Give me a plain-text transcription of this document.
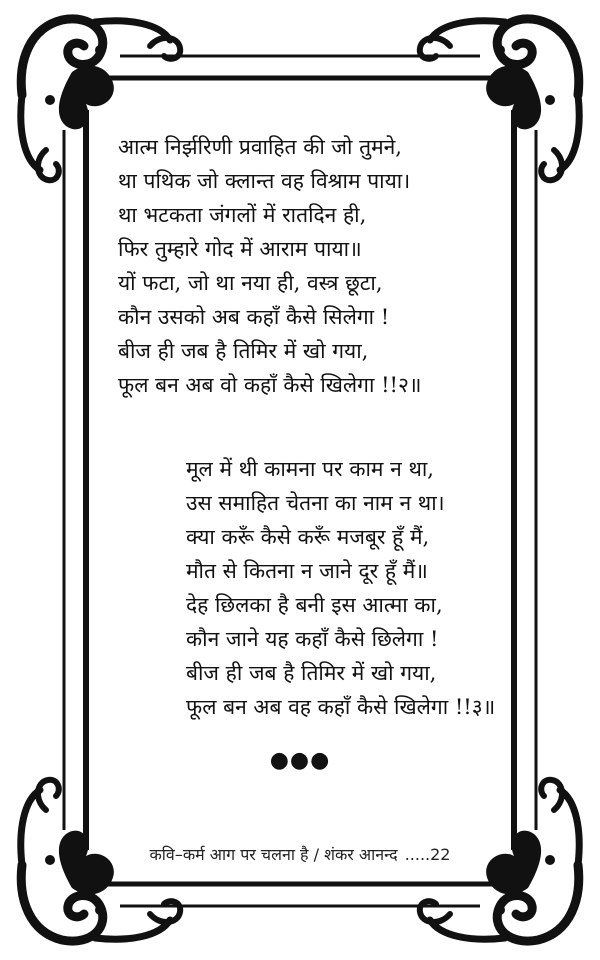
आत्म निर्झरिणी प्रवाहित की जो तुमने,
था पथिक जो क्लान्त वह विश्राम पाया।
था भटकता जंगलों में रातदिन ही,
फिर तुम्हारे गोद में आराम पाया॥
यों फटा, जो था नया ही, वस्त्र छूटा,
कौन उसको अब कहाँ कैसे सिलेगा !
बीज ही जब है तिमिर में खो गया,
फूल बन अब वो कहाँ कैसे खिलेगा !!२॥
मूल में थी कामना पर काम न था,
उस समाहित चेतना का नाम न था।
क्या करूँ कैसे करूँ मजबूर हूँ मैं,
मौत से कितना न जाने दूर हूँ मैं॥
देह छिलका है बनी इस आत्मा का,
कौन जाने यह कहाँ कैसे छिलेगा !
बीज ही जब है तिमिर में खो गया,
फूल बन अब वह कहाँ कैसे खिलेगा !!३॥
●●●
कवि–कर्म आग पर चलना है / शंकर आनन्द .....22
